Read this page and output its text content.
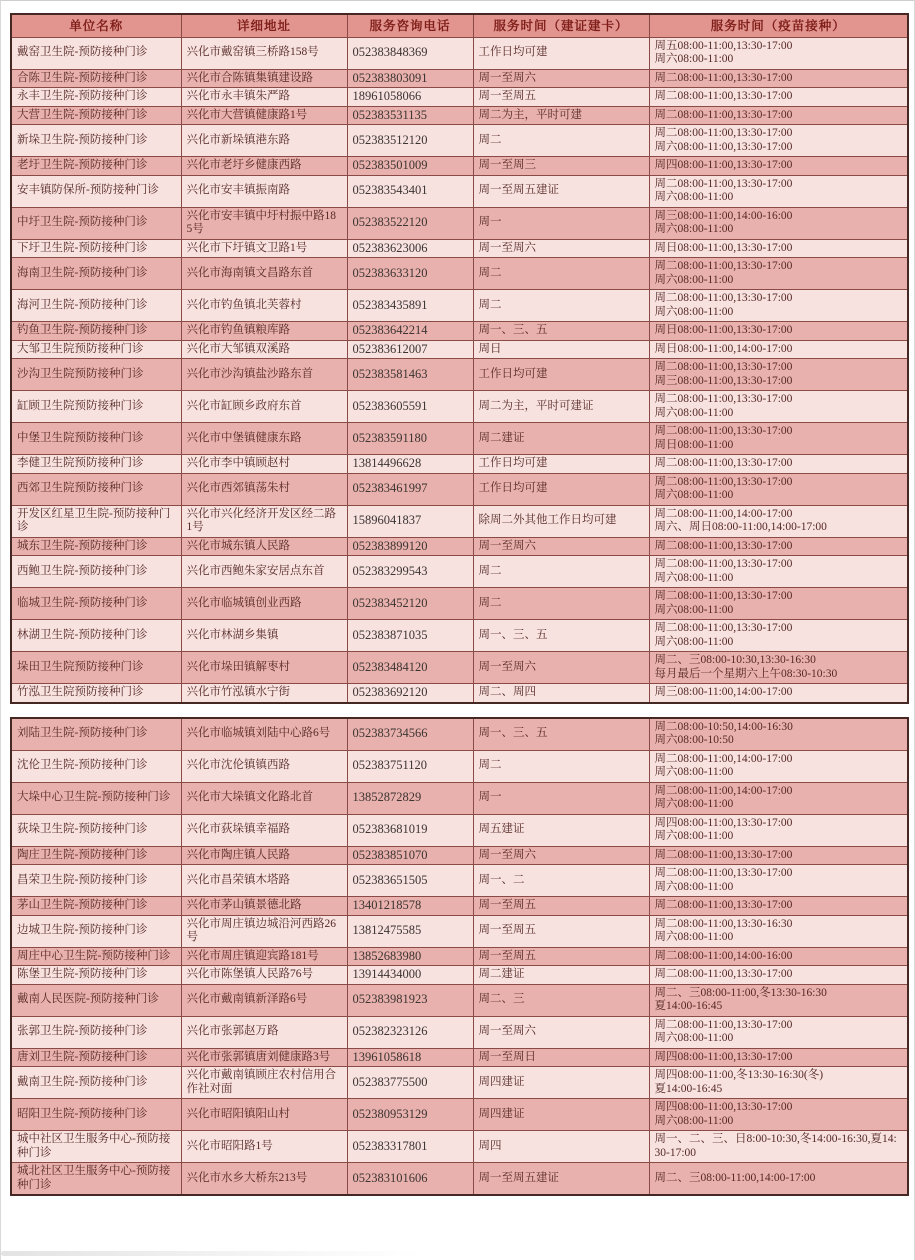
单位名称	详细地址	服务咨询电话	服务时间（建证建卡）	服务时间（疫苗接种）
戴窑卫生院-预防接种门诊	兴化市戴窑镇三桥路158号	052383848369	工作日均可建	周五08:00-11:00,13:30-17:00
周六08:00-11:00

合陈卫生院-预防接种门诊	兴化市合陈镇集镇建设路	052383803091	周一至周六	周二08:00-11:00,13:30-17:00

永丰卫生院-预防接种门诊	兴化市永丰镇朱严路	18961058066	周一至周五	周二08:00-11:00,13:30-17:00

大营卫生院-预防接种门诊	兴化市大营镇健康路1号	052383531135	周二为主，平时可建	周二08:00-11:00,13:30-17:00

新垛卫生院-预防接种门诊	兴化市新垛镇港东路	052383512120	周二	周二08:00-11:00,13:30-17:00
周六08:00-11:00,13:30-17:00

老圩卫生院-预防接种门诊	兴化市老圩乡健康西路	052383501009	周一至周三	周四08:00-11:00,13:30-17:00

安丰镇防保所-预防接种门诊	兴化市安丰镇振南路	052383543401	周一至周五建证	周二08:00-11:00,13:30-17:00
周六08:00-11:00

中圩卫生院-预防接种门诊	兴化市安丰镇中圩村振中路185号	052383522120	周一	周三08:00-11:00,14:00-16:00
周六08:00-11:00

下圩卫生院-预防接种门诊	兴化市下圩镇文卫路1号	052383623006	周一至周六	周日08:00-11:00,13:30-17:00

海南卫生院-预防接种门诊	兴化市海南镇文昌路东首	052383633120	周二	周二08:00-11:00,13:30-17:00
周六08:00-11:00

海河卫生院-预防接种门诊	兴化市钓鱼镇北芙蓉村	052383435891	周二	周二08:00-11:00,13:30-17:00
周六08:00-11:00

钓鱼卫生院-预防接种门诊	兴化市钓鱼镇粮库路	052383642214	周一、三、五	周日08:00-11:00,13:30-17:00

大邹卫生院预防接种门诊	兴化市大邹镇双溪路	052383612007	周日	周日08:00-11:00,14:00-17:00

沙沟卫生院预防接种门诊	兴化市沙沟镇盐沙路东首	052383581463	工作日均可建	周二08:00-11:00,13:30-17:00
周三08:00-11:00,13:30-17:00

缸顾卫生院预防接种门诊	兴化市缸顾乡政府东首	052383605591	周二为主，平时可建证	周二08:00-11:00,13:30-17:00
周六08:00-11:00

中堡卫生院预防接种门诊	兴化市中堡镇健康东路	052383591180	周二建证	周二08:00-11:00,13:30-17:00
周日08:00-11:00

李健卫生院预防接种门诊	兴化市李中镇顾赵村	13814496628	工作日均可建	周二08:00-11:00,13:30-17:00

西郊卫生院预防接种门诊	兴化市西郊镇荡朱村	052383461997	工作日均可建	周二08:00-11:00,13:30-17:00
周六08:00-11:00

开发区红星卫生院-预防接种门诊	兴化市兴化经济开发区经二路1号	15896041837	除周二外其他工作日均可建	周二08:00-11:00,14:00-17:00
周六、周日08:00-11:00,14:00-17:00

城东卫生院-预防接种门诊	兴化市城东镇人民路	052383899120	周一至周六	周二08:00-11:00,13:30-17:00

西鲍卫生院-预防接种门诊	兴化市西鲍朱家安居点东首	052383299543	周二	周二08:00-11:00,13:30-17:00
周六08:00-11:00

临城卫生院-预防接种门诊	兴化市临城镇创业西路	052383452120	周二	周二08:00-11:00,13:30-17:00
周六08:00-11:00

林湖卫生院-预防接种门诊	兴化市林湖乡集镇	052383871035	周一、三、五	周二08:00-11:00,13:30-17:00
周六08:00-11:00

垛田卫生院预防接种门诊	兴化市垛田镇解枣村	052383484120	周一至周六	周二、三08:00-10:30,13:30-16:30
每月最后一个星期六上午08:30-10:30

竹泓卫生院预防接种门诊	兴化市竹泓镇水宁街	052383692120	周二、周四	周三08:00-11:00,14:00-17:00
刘陆卫生院-预防接种门诊	兴化市临城镇刘陆中心路6号	052383734566	周一、三、五	周二08:00-10:50,14:00-16:30
周六08:00-10:50

沈伦卫生院-预防接种门诊	兴化市沈伦镇镇西路	052383751120	周二	周二08:00-11:00,14:00-17:00
周六08:00-11:00

大垛中心卫生院-预防接种门诊	兴化市大垛镇文化路北首	13852872829	周一	周二08:00-11:00,14:00-17:00
周六08:00-11:00

荻垛卫生院-预防接种门诊	兴化市荻垛镇幸福路	052383681019	周五建证	周四08:00-11:00,13:30-17:00
周六08:00-11:00

陶庄卫生院-预防接种门诊	兴化市陶庄镇人民路	052383851070	周一至周六	周二08:00-11:00,13:30-17:00

昌荣卫生院-预防接种门诊	兴化市昌荣镇木塔路	052383651505	周一、二	周二08:00-11:00,13:30-17:00
周六08:00-11:00

茅山卫生院-预防接种门诊	兴化市茅山镇景德北路	13401218578	周一至周五	周二08:00-11:00,13:30-17:00

边城卫生院-预防接种门诊	兴化市周庄镇边城沿河西路26号	13812475585	周一至周五	周二08:00-11:00,13:30-16:30
周六08:00-11:00

周庄中心卫生院-预防接种门诊	兴化市周庄镇迎宾路181号	13852683980	周一至周五	周二08:00-11:00,14:00-16:00

陈堡卫生院-预防接种门诊	兴化市陈堡镇人民路76号	13914434000	周二建证	周二08:00-11:00,13:30-17:00

戴南人民医院-预防接种门诊	兴化市戴南镇新泽路6号	052383981923	周二、三	周二、三08:00-11:00,冬13:30-16:30
夏14:00-16:45

张郭卫生院-预防接种门诊	兴化市张郭赵万路	052382323126	周一至周六	周二08:00-11:00,13:30-17:00
周六08:00-11:00

唐刘卫生院-预防接种门诊	兴化市张郭镇唐刘健康路3号	13961058618	周一至周日	周四08:00-11:00,13:30-17:00

戴南卫生院-预防接种门诊	兴化市戴南镇顾庄农村信用合作社对面	052383775500	周四建证	周四08:00-11:00,冬13:30-16:30(冬)
夏14:00-16:45

昭阳卫生院-预防接种门诊	兴化市昭阳镇阳山村	052380953129	周四建证	周四08:00-11:00,13:30-17:00
周六08:00-11:00

城中社区卫生服务中心-预防接种门诊	兴化市昭阳路1号	052383317801	周四	周一、二、三、日8:00-10:30,冬14:00-16:30,夏14:30-17:00

城北社区卫生服务中心-预防接种门诊	兴化市水乡大桥东213号	052383101606	周一至周五建证	周二、三08:00-11:00,14:00-17:00
